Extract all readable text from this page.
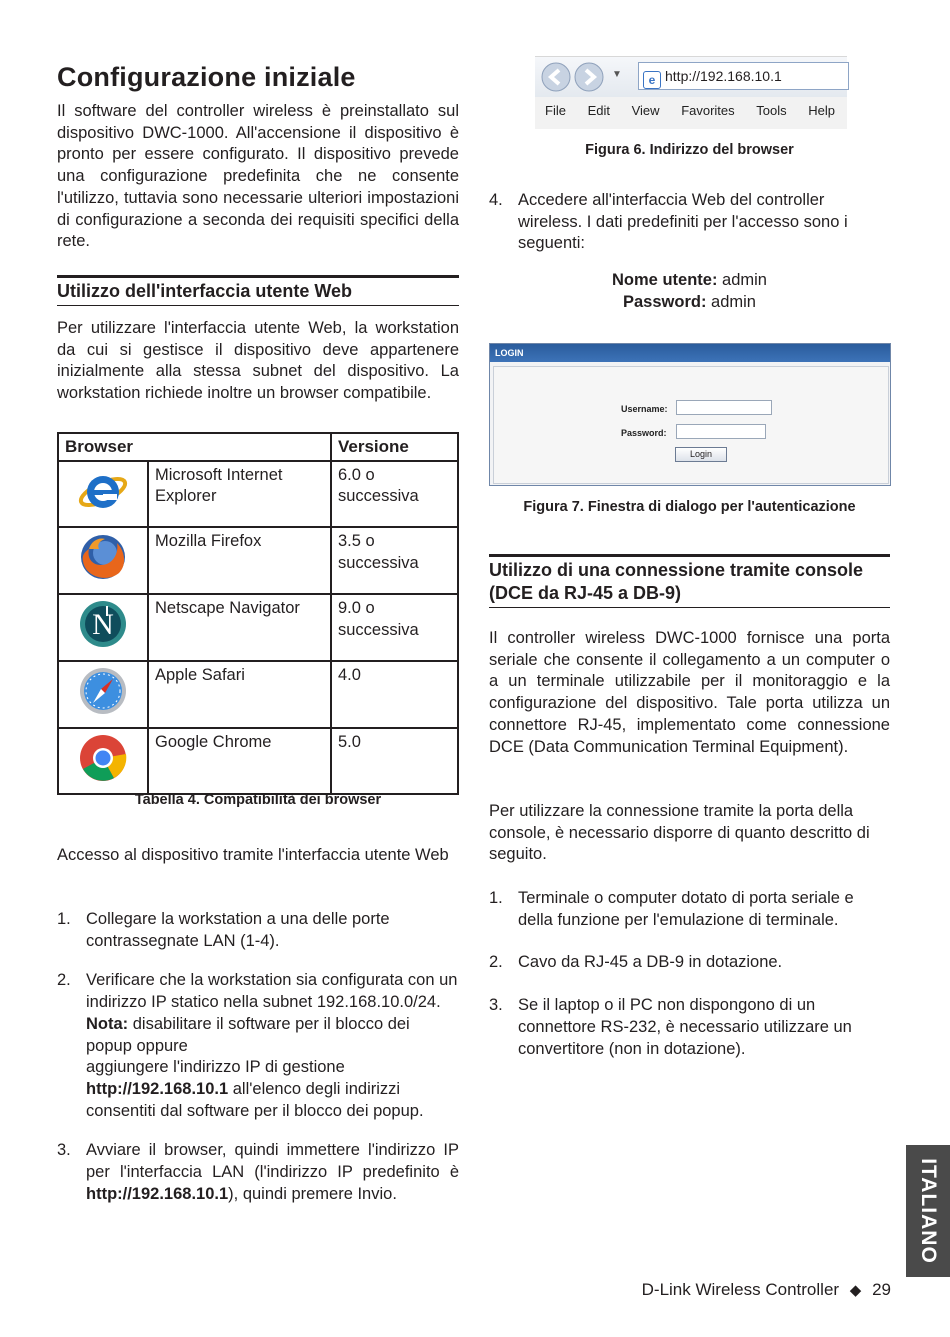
Configurazione iniziale

Il software del controller wireless è preinstallato sul dispositivo DWC-1000. All'accensione il dispositivo è pronto per essere configurato. Il dispositivo prevede una configurazione predefinita che ne consente l'utilizzo, tuttavia sono necessarie ulteriori impostazioni di configurazione a seconda dei requisiti specifici della rete.

Utilizzo dell'interfaccia utente Web

Per utilizzare l'interfaccia utente Web, la workstation da cui si gestisce il dispositivo deve appartenere inizialmente alla stessa subnet del dispositivo. La workstation richiede inoltre un browser compatibile.

Browser		Versione
	Microsoft Internet Explorer	6.0 o successiva
	Mozilla Firefox	3.5 o successiva

N	Netscape Navigator	9.0 o successiva
	Apple Safari	4.0
	Google Chrome	5.0
Tabella 4. Compatibilità dei browser

Accesso al dispositivo tramite l'interfaccia utente Web

1. Collegare la workstation a una delle porte contrassegnate LAN (1-4).
2. Verificare che la workstation sia configurata con un
indirizzo IP statico nella subnet 192.168.10.0/24.
Nota: disabilitare il software per il blocco dei popup oppure
aggiungere l'indirizzo IP di gestione
http://192.168.10.1 all'elenco degli indirizzi consentiti dal software per il blocco dei popup.
3. Avviare il browser, quindi immettere l'indirizzo IP per l'interfaccia LAN (l'indirizzo IP predefinito è http://192.168.10.1), quindi premere Invio.
▼	e http://192.168.10.1
File Edit View Favorites Tools Help
Figura 6. Indirizzo del browser
4. Accedere all'interfaccia Web del controller wireless. I dati predefiniti per l'accesso sono i seguenti:
Nome utente: admin
Password: admin
LOGIN
Username:
Password:
Login
Figura 7. Finestra di dialogo per l'autenticazione
Utilizzo di una connessione tramite console (DCE da RJ-45 a DB-9)

Il controller wireless DWC-1000 fornisce una porta seriale che consente il collegamento a un computer o a un terminale utilizzabile per il monitoraggio e la configurazione del dispositivo. Tale porta utilizza un connettore RJ-45, implementato come connessione DCE (Data Communication Terminal Equipment).

Per utilizzare la connessione tramite la porta della console, è necessario disporre di quanto descritto di seguito.

1. Terminale o computer dotato di porta seriale e della funzione per l'emulazione di terminale.
2. Cavo da RJ-45 a DB-9 in dotazione.
3. Se il laptop o il PC non dispongono di un connettore RS-232, è necessario utilizzare un convertitore (non in dotazione).
ITALIANO
D-Link Wireless Controller ◆ 29
